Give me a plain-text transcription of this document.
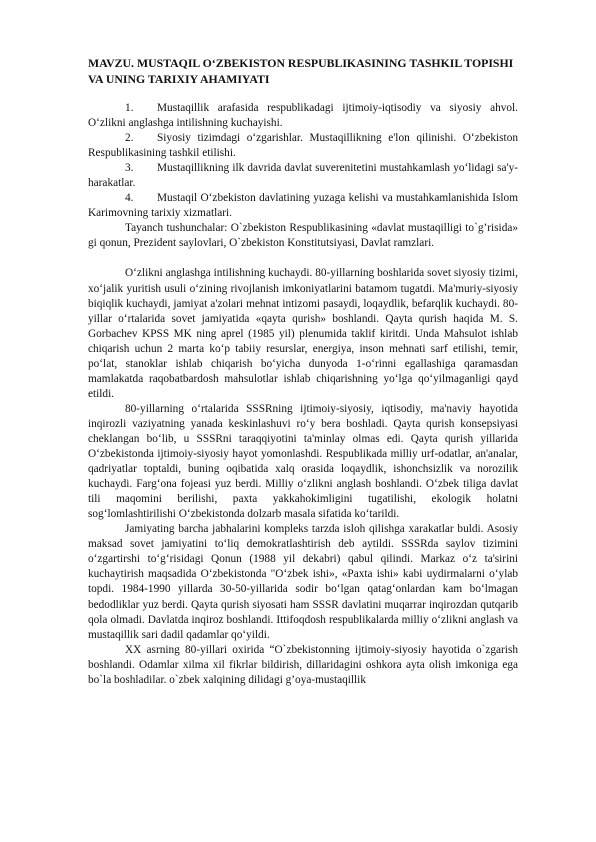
MAVZU. MUSTAQIL O‘ZBEKISTON RESPUBLIKASINING TASHKIL TOPISHI VA UNING TARIXIY AHAMIYATI

1. Mustaqillik arafasida respublikadagi ijtimoiy-iqtisodiy va siyosiy ahvol. O‘zlikni anglashga intilishning kuchayishi.

2. Siyosiy tizimdagi o‘zgarishlar. Mustaqillikning e'lon qilinishi. O‘zbekiston Respublikasining tashkil etilishi.

3. Mustaqillikning ilk davrida davlat suverenitetini mustahkamlash yo‘lidagi sa'y-harakatlar.

4. Mustaqil O‘zbekiston davlatining yuzaga kelishi va mustahkamlanishida Islom Karimovning tarixiy xizmatlari.

Tayanch tushunchalar: O`zbekiston Respublikasining «davlat mustaqilligi to`g’risida» gi qonun, Prezident saylovlari, O`zbekiston Konstitutsiyasi, Davlat ramzlari.

O‘zlikni anglashga intilishning kuchaydi. 80-yillarning boshlarida sovet siyosiy tizimi, xo‘jalik yuritish usuli o‘zining rivojlanish imkoniyatlarini batamom tugatdi. Ma'muriy-siyosiy biqiqlik kuchaydi, jamiyat a'zolari mehnat intizomi pasaydi, loqaydlik, befarqlik kuchaydi. 80-yillar o‘rtalarida sovet jamiyatida «qayta qurish» boshlandi. Qayta qurish haqida M. S. Gorbachev KPSS MK ning aprel (1985 yil) plenumida taklif kiritdi. Unda Mahsulot ishlab chiqarish uchun 2 marta ko‘p tabiiy resurslar, energiya, inson mehnati sarf etilishi, temir, po‘lat, stanoklar ishlab chiqarish bo‘yicha dunyoda 1-o‘rinni egallashiga qaramasdan mamlakatda raqobatbardosh mahsulotlar ishlab chiqarishning yo‘lga qo‘yilmaganligi qayd etildi.

80-yillarning o‘rtalarida SSSRning ijtimoiy-siyosiy, iqtisodiy, ma'naviy hayotida inqirozli vaziyatning yanada keskinlashuvi ro‘y bera boshladi. Qayta qurish konsepsiyasi cheklangan bo‘lib, u SSSRni taraqqiyotini ta'minlay olmas edi. Qayta qurish yillarida O‘zbekistonda ijtimoiy-siyosiy hayot yomonlashdi. Respublikada milliy urf-odatlar, an'analar, qadriyatlar toptaldi, buning oqibatida xalq orasida loqaydlik, ishonchsizlik va norozilik kuchaydi. Farg‘ona fojeasi yuz berdi. Milliy o‘zlikni anglash boshlandi. O‘zbek tiliga davlat tili maqomini berilishi, paxta yakkahokimligini tugatilishi, ekologik holatni sog‘lomlashtirilishi O‘zbekistonda dolzarb masala sifatida ko‘tarildi.

Jamiyating barcha jabhalarini kompleks tarzda isloh qilishga xarakatlar buldi. Asosiy maksad sovet jamiyatini to‘liq demokratlashtirish deb aytildi. SSSRda saylov tizimini o‘zgartirshi to‘g‘risidagi Qonun (1988 yil dekabri) qabul qilindi. Markaz o‘z ta'sirini kuchaytirish maqsadida O‘zbekistonda "O‘zbek ishi», «Paxta ishi» kabi uydirmalarni o‘ylab topdi. 1984-1990 yillarda 30-50-yillarida sodir bo‘lgan qatag‘onlardan kam bo‘lmagan bedodliklar yuz berdi. Qayta qurish siyosati ham SSSR davlatini muqarrar inqirozdan qutqarib qola olmadi. Davlatda inqiroz boshlandi. Ittifoqdosh respublikalarda milliy o‘zlikni anglash va mustaqillik sari dadil qadamlar qo‘yildi.

XX asrning 80-yillari oxirida “O`zbekistonning ijtimoiy-siyosiy hayotida o`zgarish boshlandi. Odamlar xilma xil fikrlar bildirish, dillaridagini oshkora ayta olish imkoniga ega bo`la boshladilar. o`zbek xalqining dilidagi g’oya-mustaqillik
